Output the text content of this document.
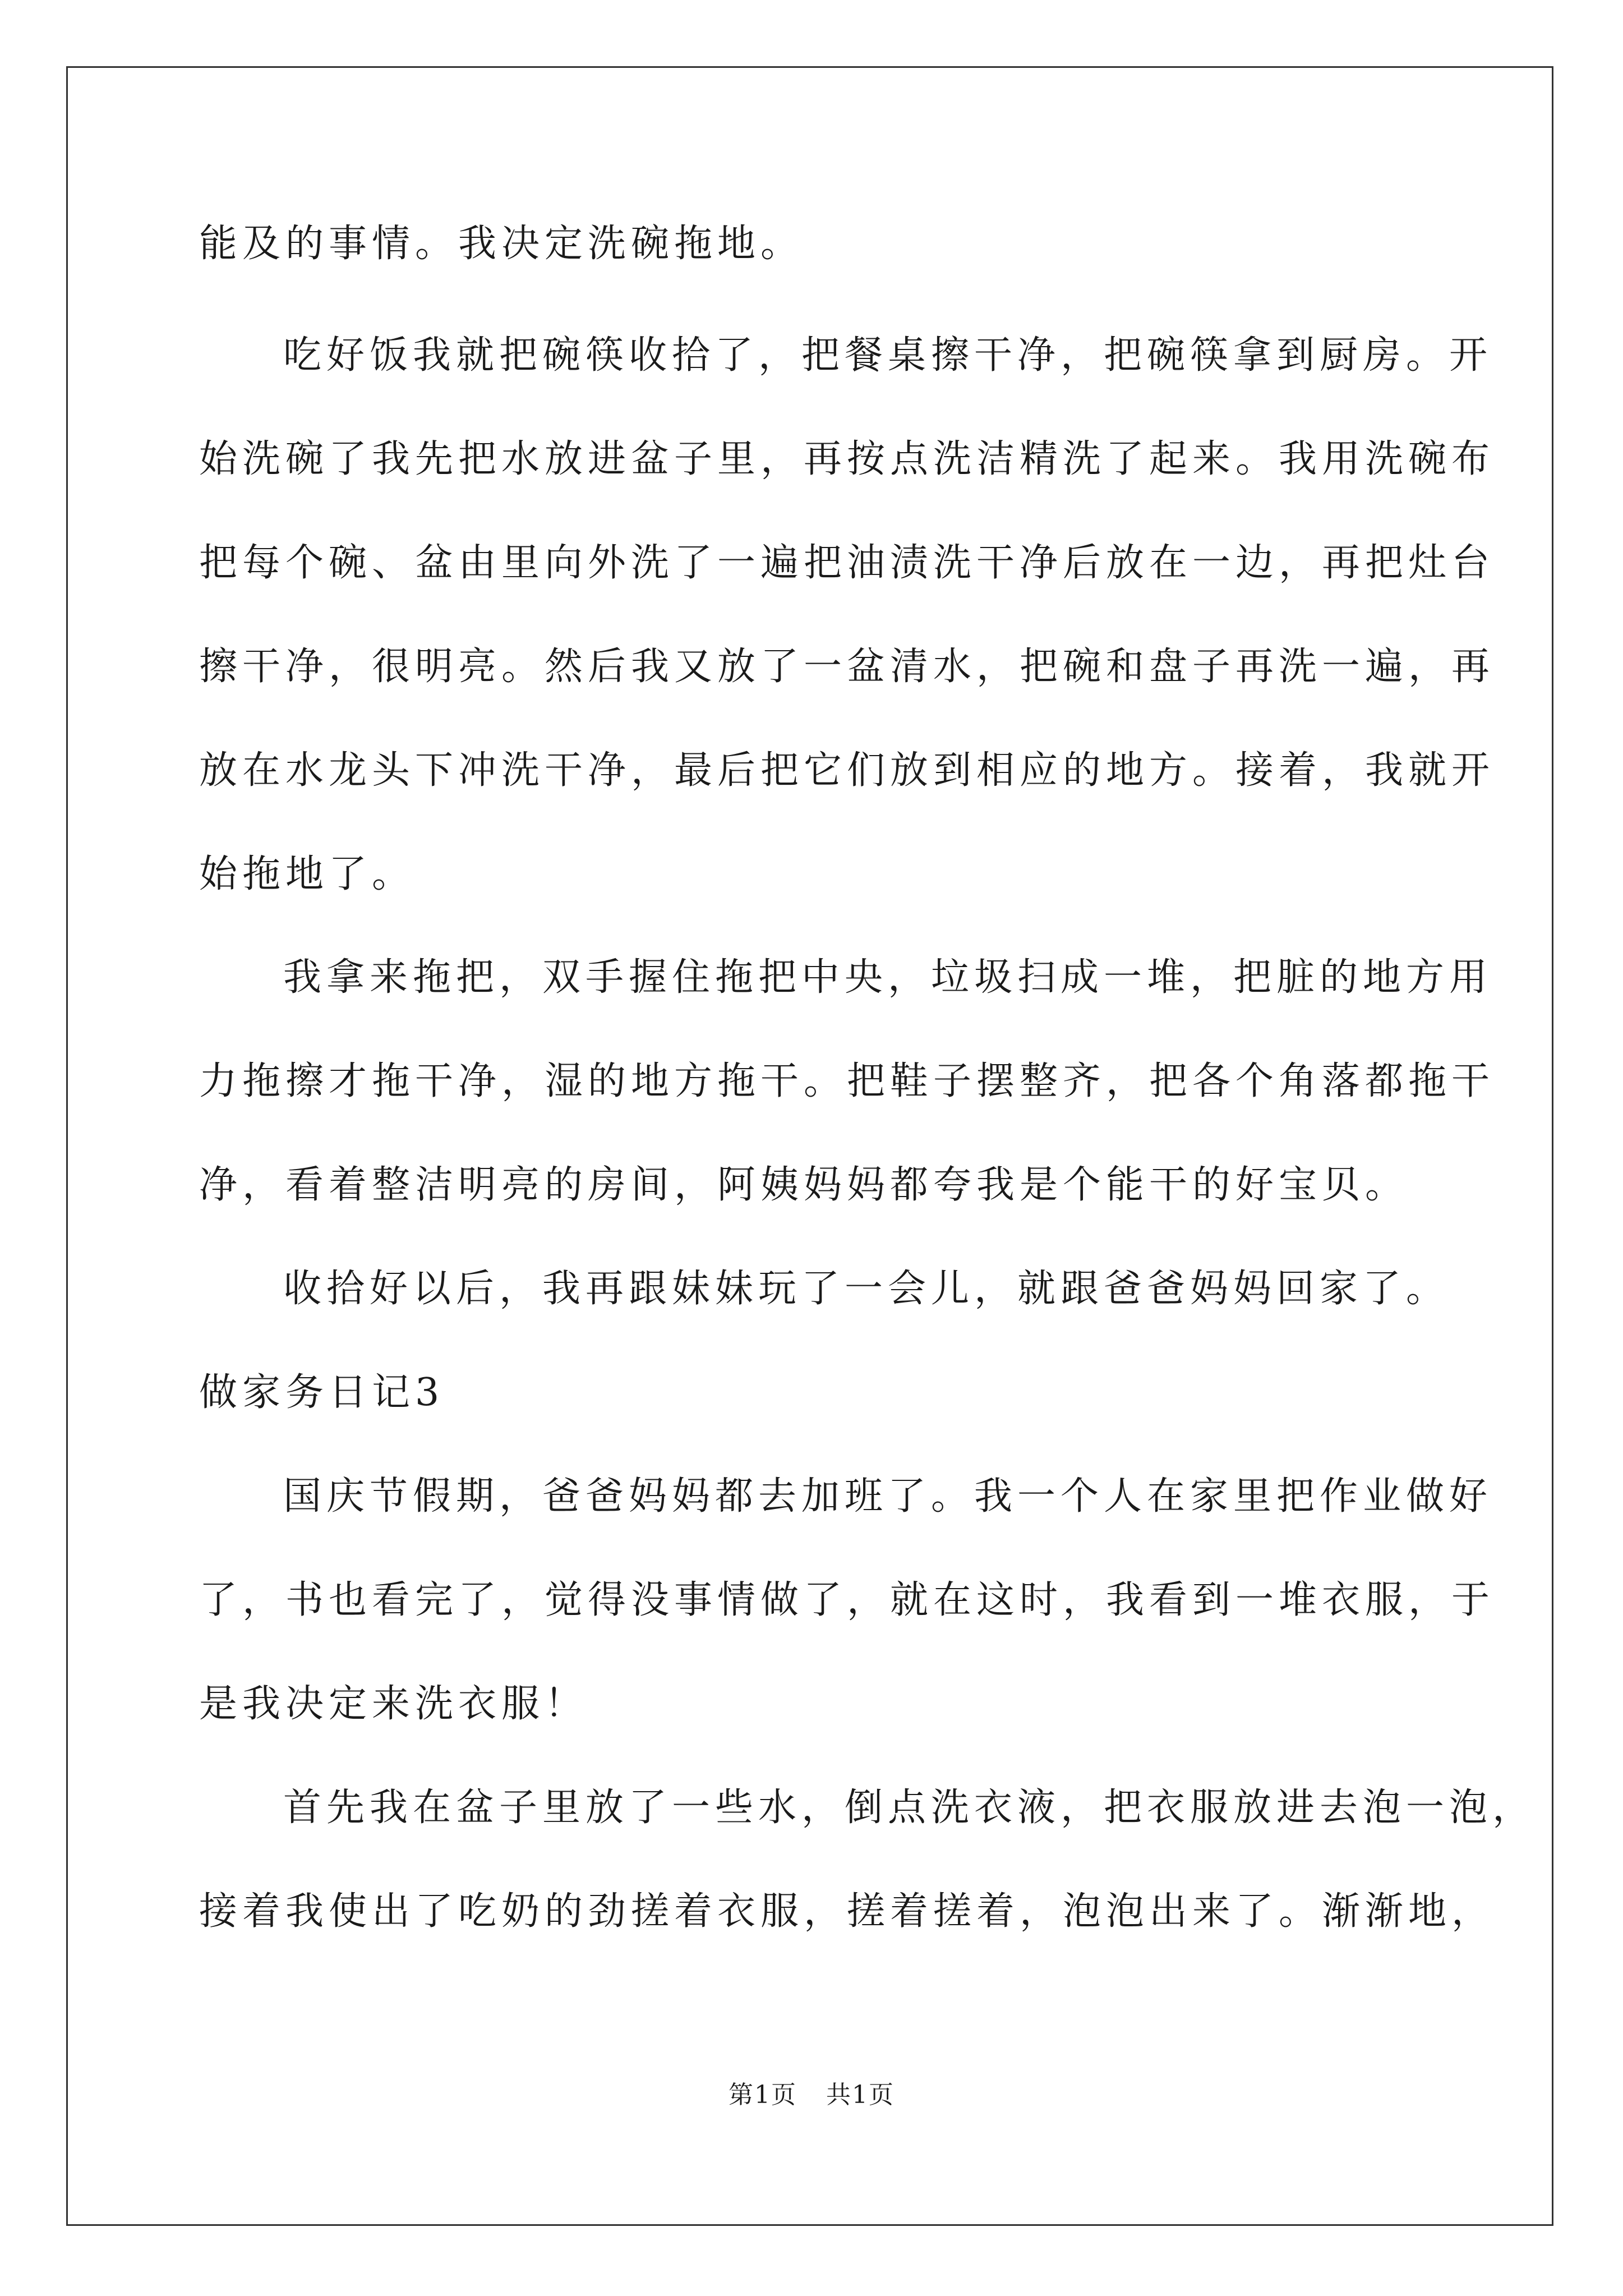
能及的事情。我决定洗碗拖地。
吃好饭我就把碗筷收拾了，把餐桌擦干净，把碗筷拿到厨房。开
始洗碗了我先把水放进盆子里，再按点洗洁精洗了起来。我用洗碗布
把每个碗、盆由里向外洗了一遍把油渍洗干净后放在一边，再把灶台
擦干净，很明亮。然后我又放了一盆清水，把碗和盘子再洗一遍，再
放在水龙头下冲洗干净，最后把它们放到相应的地方。接着，我就开
始拖地了。
我拿来拖把，双手握住拖把中央，垃圾扫成一堆，把脏的地方用
力拖擦才拖干净，湿的地方拖干。把鞋子摆整齐，把各个角落都拖干
净，看着整洁明亮的房间，阿姨妈妈都夸我是个能干的好宝贝。
收拾好以后，我再跟妹妹玩了一会儿，就跟爸爸妈妈回家了。
做家务日记3
国庆节假期，爸爸妈妈都去加班了。我一个人在家里把作业做好
了，书也看完了，觉得没事情做了，就在这时，我看到一堆衣服，于
是我决定来洗衣服！
首先我在盆子里放了一些水，倒点洗衣液，把衣服放进去泡一泡，
接着我使出了吃奶的劲搓着衣服，搓着搓着，泡泡出来了。渐渐地，
第1页 共1页
